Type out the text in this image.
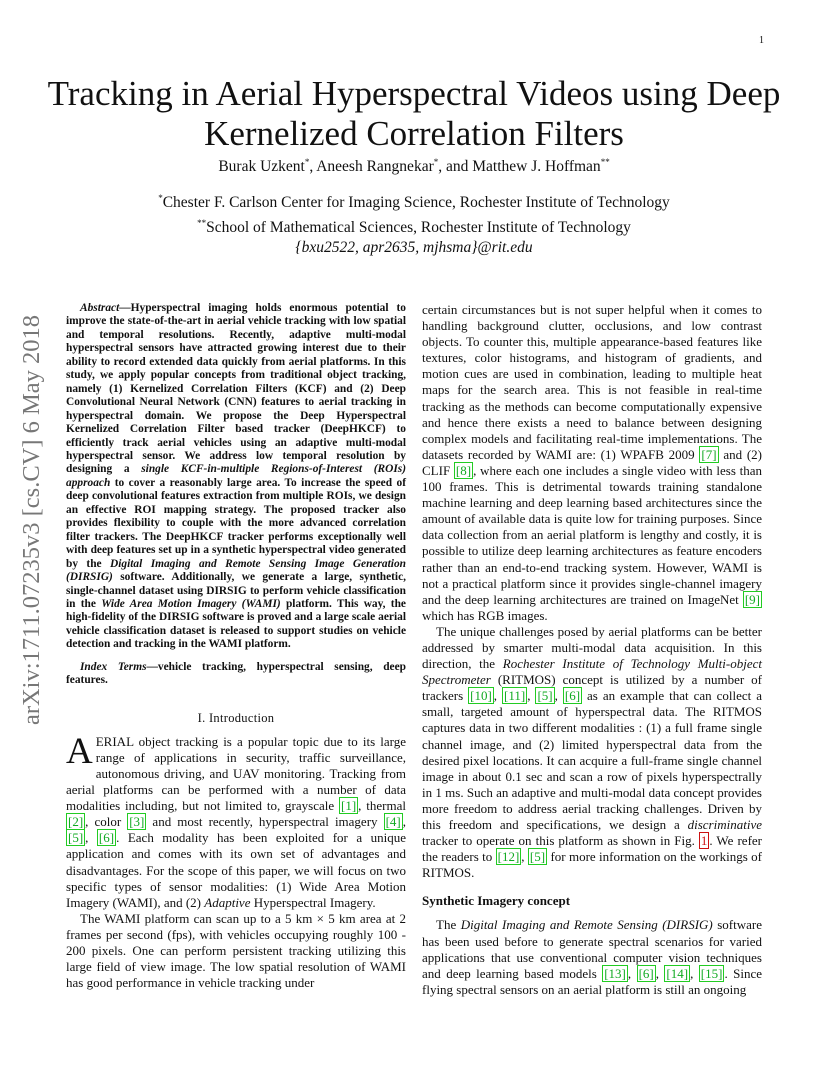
1
arXiv:1711.07235v3 [cs.CV] 6 May 2018
Tracking in Aerial Hyperspectral Videos using Deep Kernelized Correlation Filters
Burak Uzkent*, Aneesh Rangnekar*, and Matthew J. Hoffman**
*Chester F. Carlson Center for Imaging Science, Rochester Institute of Technology
**School of Mathematical Sciences, Rochester Institute of Technology
{bxu2522, apr2635, mjhsma}@rit.edu

Abstract—Hyperspectral imaging holds enormous potential to improve the state-of-the-art in aerial vehicle tracking with low spatial and temporal resolutions. Recently, adaptive multi-modal hyperspectral sensors have attracted growing interest due to their ability to record extended data quickly from aerial platforms. In this study, we apply popular concepts from traditional object tracking, namely (1) Kernelized Correlation Filters (KCF) and (2) Deep Convolutional Neural Network (CNN) features to aerial tracking in hyperspectral domain. We propose the Deep Hyperspectral Kernelized Correlation Filter based tracker (DeepHKCF) to efficiently track aerial vehicles using an adaptive multi-modal hyperspectral sensor. We address low temporal resolution by designing a single KCF-in-multiple Regions-of-Interest (ROIs) approach to cover a reasonably large area. To increase the speed of deep convolutional features extraction from multiple ROIs, we design an effective ROI mapping strategy. The proposed tracker also provides flexibility to couple with the more advanced correlation filter trackers. The DeepHKCF tracker performs exceptionally well with deep features set up in a synthetic hyperspectral video generated by the Digital Imaging and Remote Sensing Image Generation (DIRSIG) software. Additionally, we generate a large, synthetic, single-channel dataset using DIRSIG to perform vehicle classification in the Wide Area Motion Imagery (WAMI) platform. This way, the high-fidelity of the DIRSIG software is proved and a large scale aerial vehicle classification dataset is released to support studies on vehicle detection and tracking in the WAMI platform.

Index Terms—vehicle tracking, hyperspectral sensing, deep features.

I. Introduction

AERIAL object tracking is a popular topic due to its large range of applications in security, traffic surveillance, autonomous driving, and UAV monitoring. Tracking from aerial platforms can be performed with a number of data modalities including, but not limited to, grayscale [1] , thermal [2] , color [3] and most recently, hyperspectral imagery [4] , [5] , [6] . Each modality has been exploited for a unique application and comes with its own set of advantages and disadvantages. For the scope of this paper, we will focus on two specific types of sensor modalities: (1) Wide Area Motion Imagery (WAMI), and (2) Adaptive Hyperspectral Imagery.

The WAMI platform can scan up to a 5 km × 5 km area at 2 frames per second (fps), with vehicles occupying roughly 100 - 200 pixels. One can perform persistent tracking utilizing this large field of view image. The low spatial resolution of WAMI has good performance in vehicle tracking under

certain circumstances but is not super helpful when it comes to handling background clutter, occlusions, and low contrast objects. To counter this, multiple appearance-based features like textures, color histograms, and histogram of gradients, and motion cues are used in combination, leading to multiple heat maps for the search area. This is not feasible in real-time tracking as the methods can become computationally expensive and hence there exists a need to balance between designing complex models and facilitating real-time implementations. The datasets recorded by WAMI are: (1) WPAFB 2009 [7] and (2) CLIF [8] , where each one includes a single video with less than 100 frames. This is detrimental towards training standalone machine learning and deep learning based architectures since the amount of available data is quite low for training purposes. Since data collection from an aerial platform is lengthy and costly, it is possible to utilize deep learning architectures as feature encoders rather than an end-to-end tracking system. However, WAMI is not a practical platform since it provides single-channel imagery and the deep learning architectures are trained on ImageNet [9] which has RGB images.

The unique challenges posed by aerial platforms can be better addressed by smarter multi-modal data acquisition. In this direction, the Rochester Institute of Technology Multi-object Spectrometer (RITMOS) concept is utilized by a number of trackers [10] , [11] , [5] , [6] as an example that can collect a small, targeted amount of hyperspectral data. The RITMOS captures data in two different modalities : (1) a full frame single channel image, and (2) limited hyperspectral data from the desired pixel locations. It can acquire a full-frame single channel image in about 0.1 sec and scan a row of pixels hyperspectrally in 1 ms. Such an adaptive and multi-modal data concept provides more freedom to address aerial tracking challenges. Driven by this freedom and specifications, we design a discriminative tracker to operate on this platform as shown in Fig. 1 . We refer the readers to [12] , [5] for more information on the workings of RITMOS.

Synthetic Imagery concept

The Digital Imaging and Remote Sensing (DIRSIG) software has been used before to generate spectral scenarios for varied applications that use conventional computer vision techniques and deep learning based models [13] , [6] , [14] , [15] . Since flying spectral sensors on an aerial platform is still an ongoing
